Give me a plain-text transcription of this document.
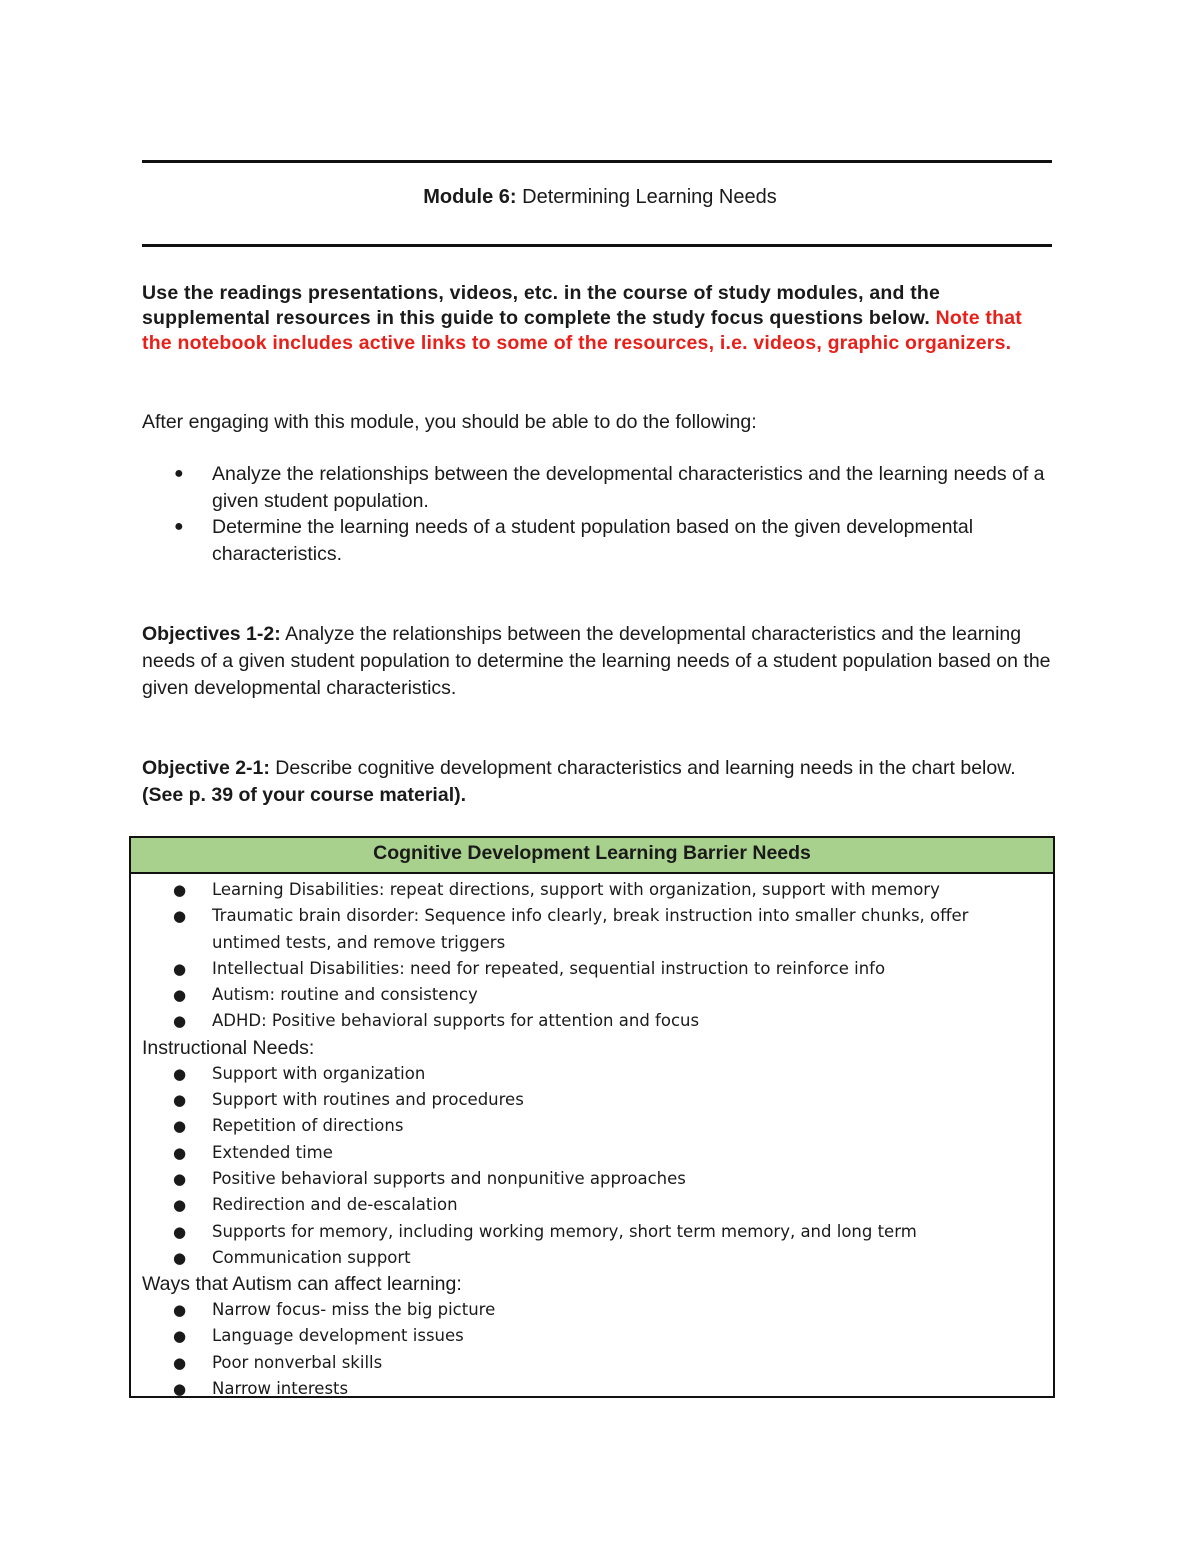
Module 6: Determining Learning Needs
Use the readings presentations, videos, etc. in the course of study modules, and the supplemental resources in this guide to complete the study focus questions below. Note that the notebook includes active links to some of the resources, i.e. videos, graphic organizers.
After engaging with this module, you should be able to do the following:
● Analyze the relationships between the developmental characteristics and the learning needs of a given student population.
● Determine the learning needs of a student population based on the given developmental characteristics.
Objectives 1-2: Analyze the relationships between the developmental characteristics and the learning needs of a given student population to determine the learning needs of a student population based on the given developmental characteristics.
Objective 2-1: Describe cognitive development characteristics and learning needs in the chart below. (See p. 39 of your course material).
Cognitive Development Learning Barrier Needs
● Learning Disabilities: repeat directions, support with organization, support with memory
● Traumatic brain disorder: Sequence info clearly, break instruction into smaller chunks, offer untimed tests, and remove triggers
● Intellectual Disabilities: need for repeated, sequential instruction to reinforce info
● Autism: routine and consistency
● ADHD: Positive behavioral supports for attention and focus
Instructional Needs:
● Support with organization
● Support with routines and procedures
● Repetition of directions
● Extended time
● Positive behavioral supports and nonpunitive approaches
● Redirection and de-escalation
● Supports for memory, including working memory, short term memory, and long term
● Communication support
Ways that Autism can affect learning:
● Narrow focus- miss the big picture
● Language development issues
● Poor nonverbal skills
● Narrow interests
